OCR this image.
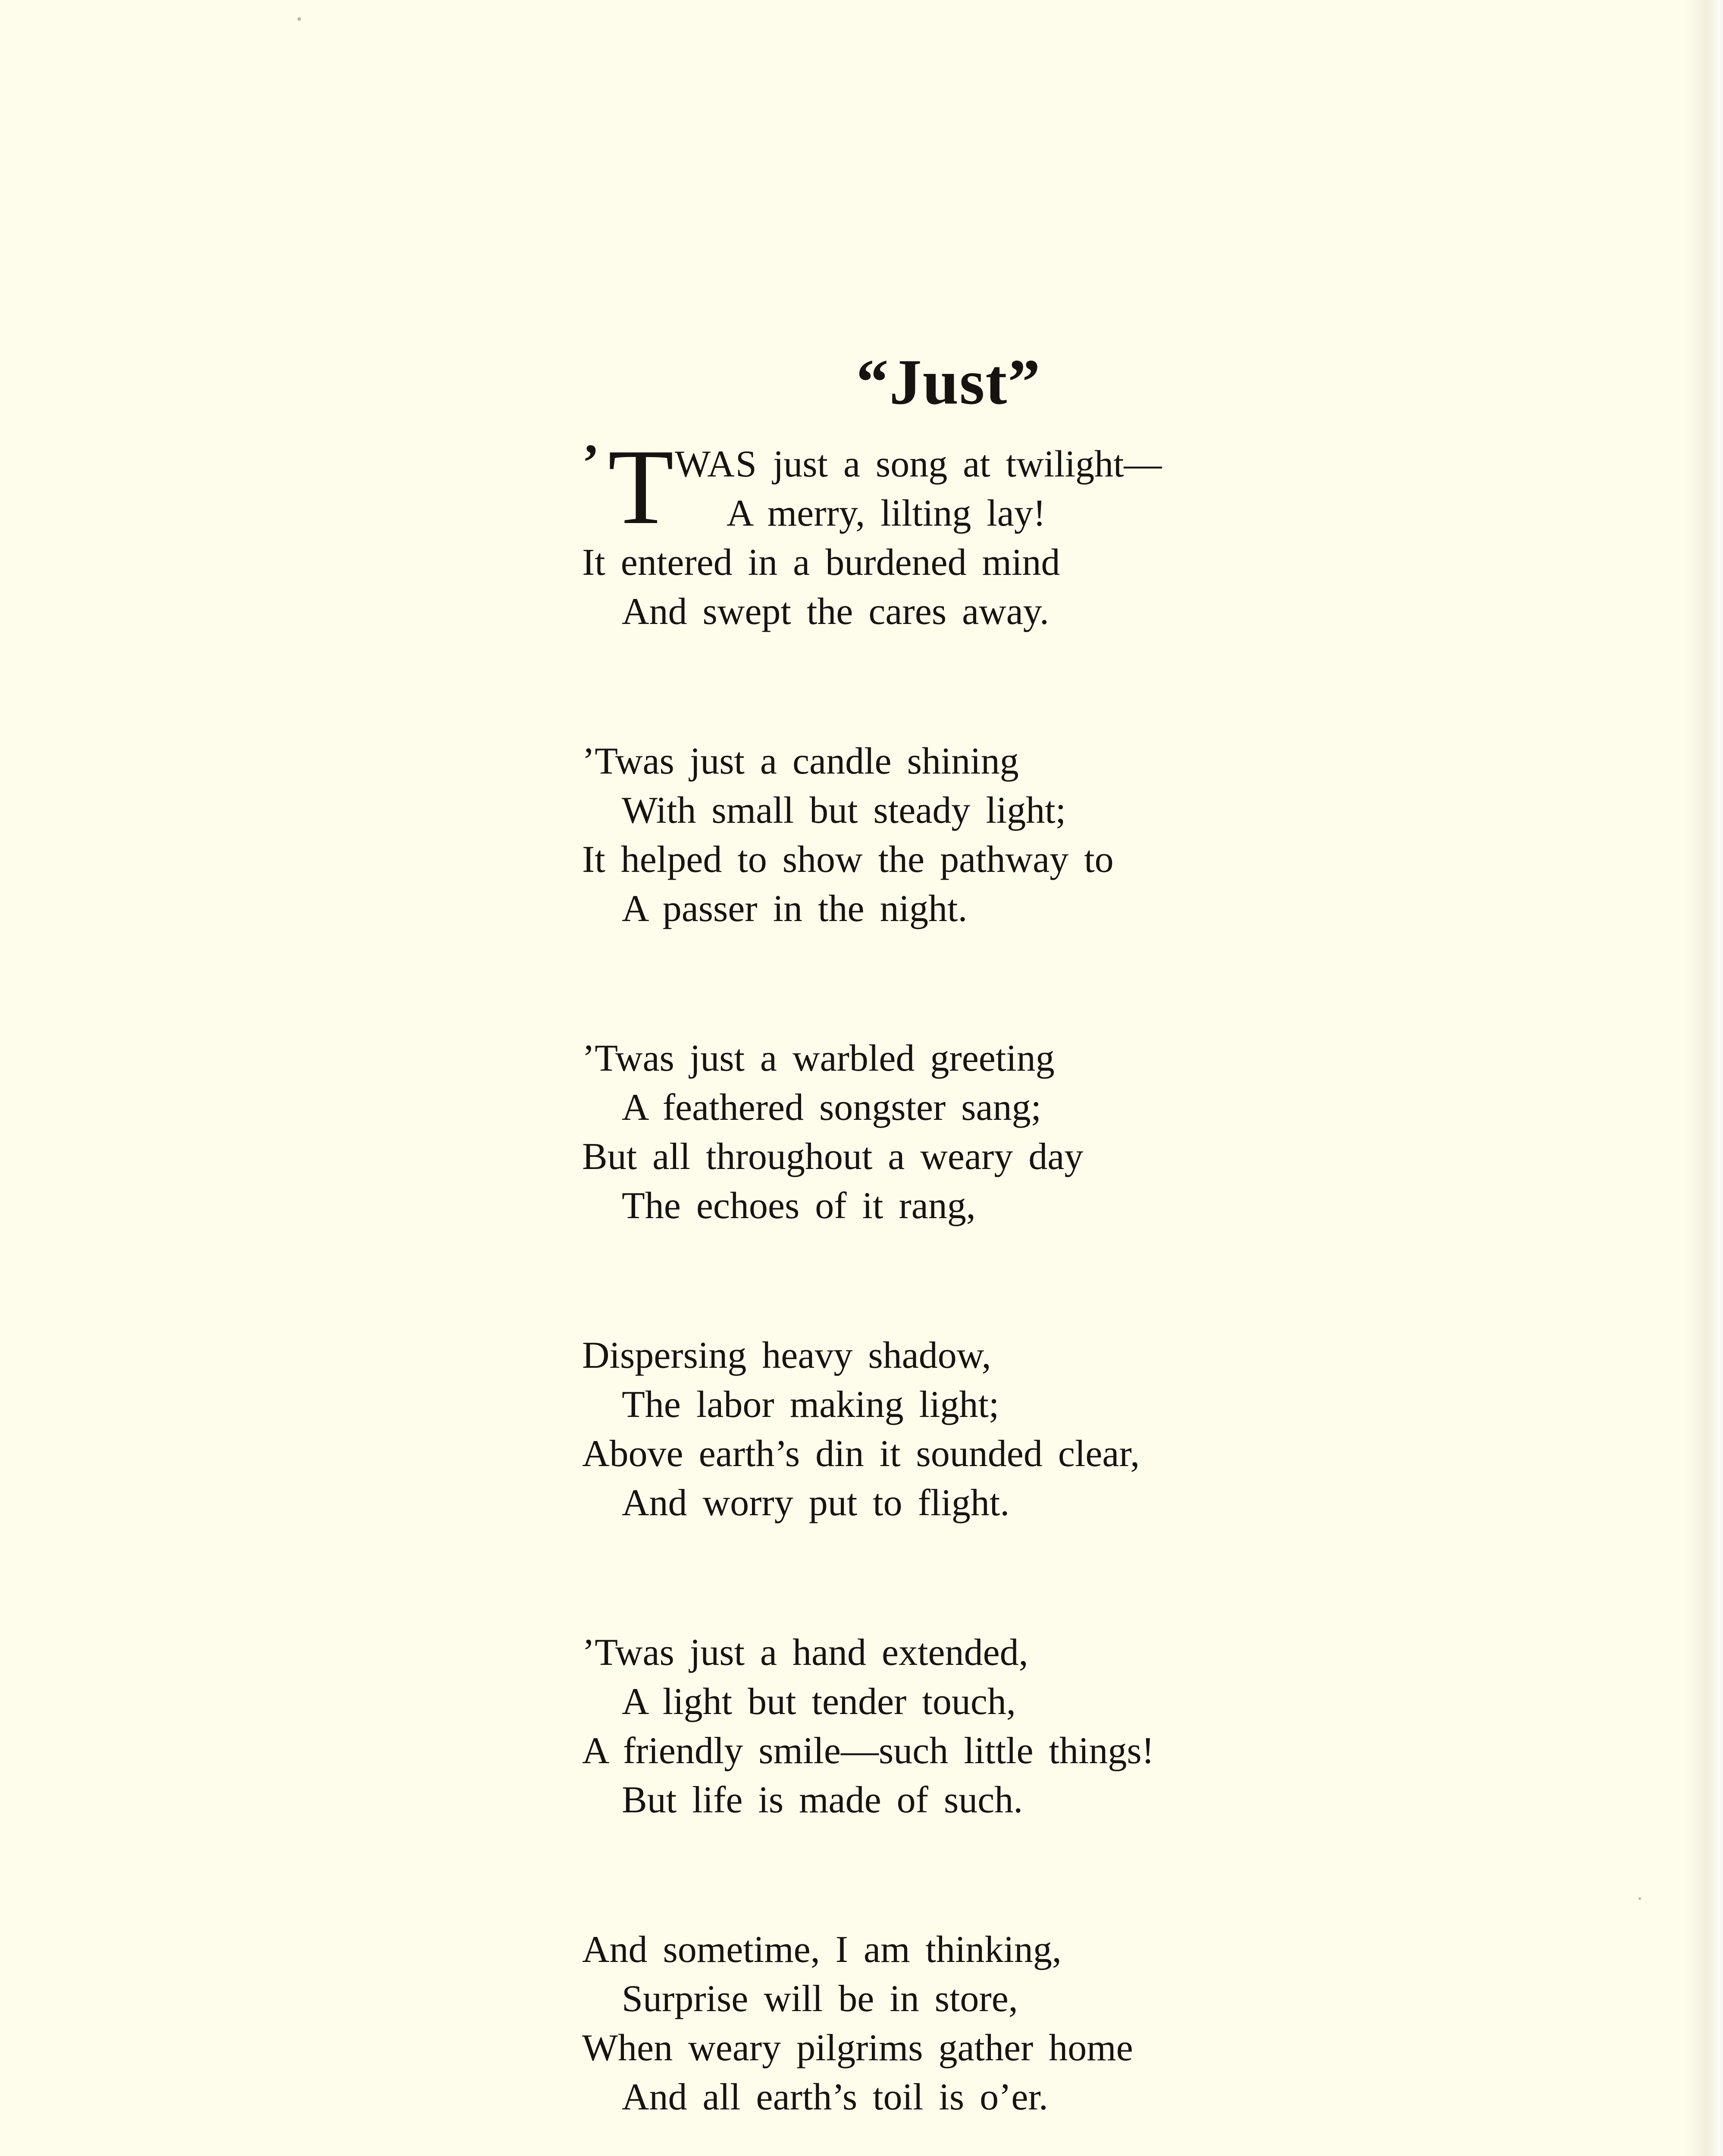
“Just”
’ T WAS just a song at twilight—
A merry, lilting lay!
It entered in a burdened mind
And swept the cares away.
’Twas just a candle shining
With small but steady light;
It helped to show the pathway to
A passer in the night.
’Twas just a warbled greeting
A feathered songster sang;
But all throughout a weary day
The echoes of it rang,
Dispersing heavy shadow,
The labor making light;
Above earth’s din it sounded clear,
And worry put to flight.
’Twas just a hand extended,
A light but tender touch,
A friendly smile—such little things!
But life is made of such.
And sometime, I am thinking,
Surprise will be in store,
When weary pilgrims gather home
And all earth’s toil is o’er.
